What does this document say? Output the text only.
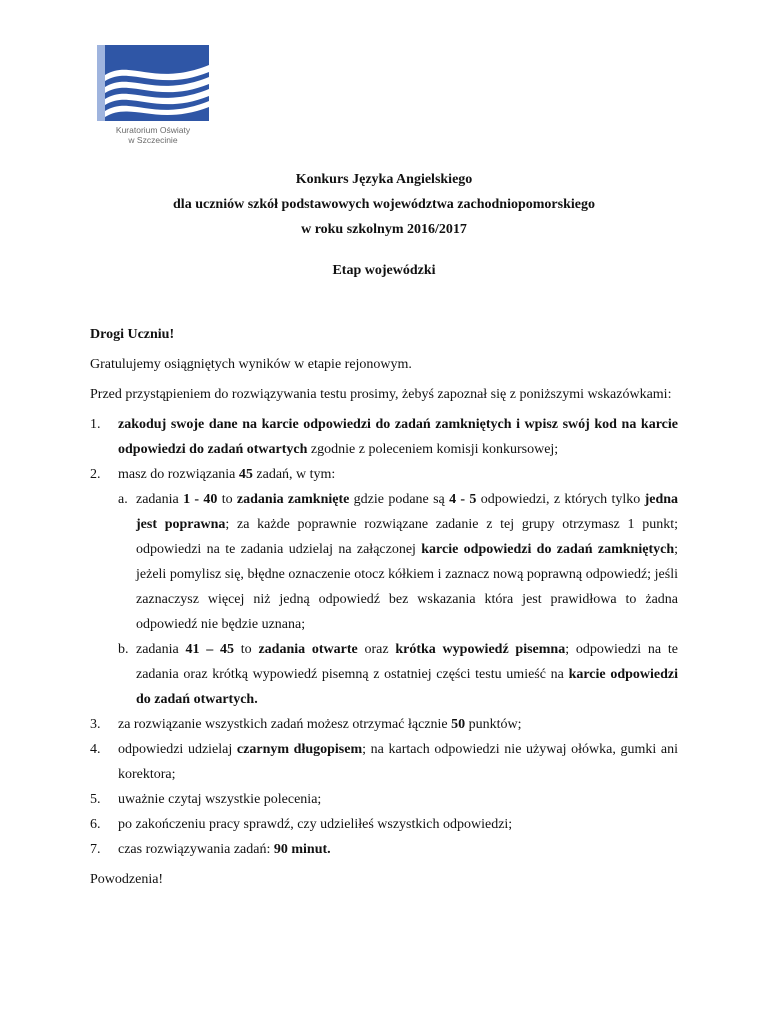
Kuratorium Oświaty
w Szczecinie
Konkurs Języka Angielskiego
dla uczniów szkół podstawowych województwa zachodniopomorskiego
w roku szkolnym 2016/2017
Etap wojewódzki

Drogi Uczniu!

Gratulujemy osiągniętych wyników w etapie rejonowym.

Przed przystąpieniem do rozwiązywania testu prosimy, żebyś zapoznał się z poniższymi wskazówkami:

1. zakoduj swoje dane na karcie odpowiedzi do zadań zamkniętych i wpisz swój kod na karcie odpowiedzi do zadań otwartych zgodnie z poleceniem komisji konkursowej;

2. masz do rozwiązania 45 zadań, w tym:

a. zadania 1 - 40 to zadania zamknięte gdzie podane są 4 - 5 odpowiedzi, z których tylko jedna jest poprawna; za każde poprawnie rozwiązane zadanie z tej grupy otrzymasz 1 punkt; odpowiedzi na te zadania udzielaj na załączonej karcie odpowiedzi do zadań zamkniętych; jeżeli pomylisz się, błędne oznaczenie otocz kółkiem i zaznacz nową poprawną odpowiedź; jeśli zaznaczysz więcej niż jedną odpowiedź bez wskazania która jest prawidłowa to żadna odpowiedź nie będzie uznana;

b. zadania 41 – 45 to zadania otwarte oraz krótka wypowiedź pisemna; odpowiedzi na te zadania oraz krótką wypowiedź pisemną z ostatniej części testu umieść na karcie odpowiedzi do zadań otwartych.

3. za rozwiązanie wszystkich zadań możesz otrzymać łącznie 50 punktów;

4. odpowiedzi udzielaj czarnym długopisem; na kartach odpowiedzi nie używaj ołówka, gumki ani korektora;

5. uważnie czytaj wszystkie polecenia;

6. po zakończeniu pracy sprawdź, czy udzieliłeś wszystkich odpowiedzi;

7. czas rozwiązywania zadań: 90 minut.

Powodzenia!
